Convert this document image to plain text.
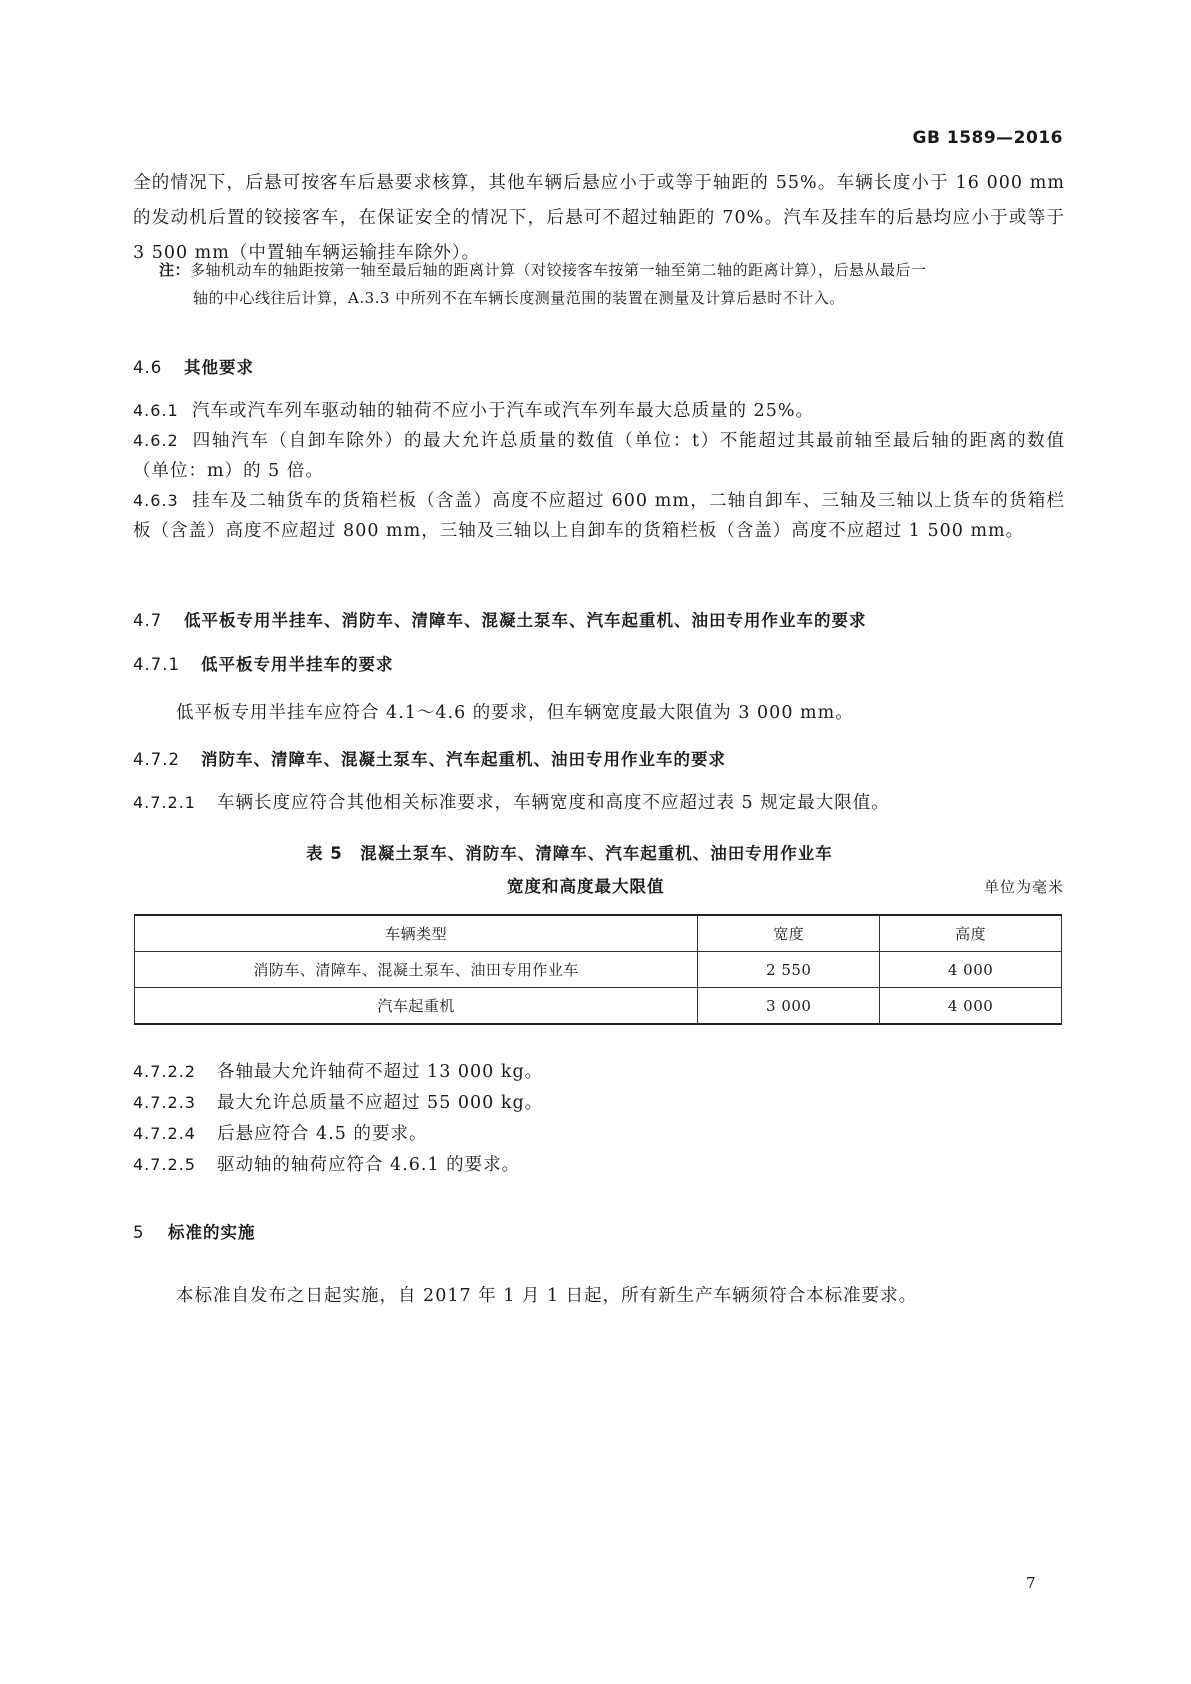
GB 1589—2016
全的情况下，后悬可按客车后悬要求核算，其他车辆后悬应小于或等于轴距的 55%。车辆长度小于 16 000 mm 的发动机后置的铰接客车，在保证安全的情况下，后悬可不超过轴距的 70%。汽车及挂车的后悬均应小于或等于 3 500 mm（中置轴车辆运输挂车除外）。
注：多轴机动车的轴距按第一轴至最后轴的距离计算（对铰接客车按第一轴至第二轴的距离计算），后悬从最后一
轴的中心线往后计算，A.3.3 中所列不在车辆长度测量范围的装置在测量及计算后悬时不计入。
4.6 其他要求
4.6.1 汽车或汽车列车驱动轴的轴荷不应小于汽车或汽车列车最大总质量的 25%。
4.6.2 四轴汽车（自卸车除外）的最大允许总质量的数值（单位：t）不能超过其最前轴至最后轴的距离的数值（单位：m）的 5 倍。
4.6.3 挂车及二轴货车的货箱栏板（含盖）高度不应超过 600 mm，二轴自卸车、三轴及三轴以上货车的货箱栏板（含盖）高度不应超过 800 mm，三轴及三轴以上自卸车的货箱栏板（含盖）高度不应超过 1 500 mm。
4.7 低平板专用半挂车、消防车、清障车、混凝土泵车、汽车起重机、油田专用作业车的要求
4.7.1 低平板专用半挂车的要求
低平板专用半挂车应符合 4.1～4.6 的要求，但车辆宽度最大限值为 3 000 mm。
4.7.2 消防车、清障车、混凝土泵车、汽车起重机、油田专用作业车的要求
4.7.2.1 车辆长度应符合其他相关标准要求，车辆宽度和高度不应超过表 5 规定最大限值。
表 5　混凝土泵车、消防车、清障车、汽车起重机、油田专用作业车
宽度和高度最大限值	单位为毫米
车辆类型	宽度	高度
消防车、清障车、混凝土泵车、油田专用作业车	2 550	4 000
汽车起重机	3 000	4 000
4.7.2.2 各轴最大允许轴荷不超过 13 000 kg。
4.7.2.3 最大允许总质量不应超过 55 000 kg。
4.7.2.4 后悬应符合 4.5 的要求。
4.7.2.5 驱动轴的轴荷应符合 4.6.1 的要求。
5 标准的实施
本标准自发布之日起实施，自 2017 年 1 月 1 日起，所有新生产车辆须符合本标准要求。
7
